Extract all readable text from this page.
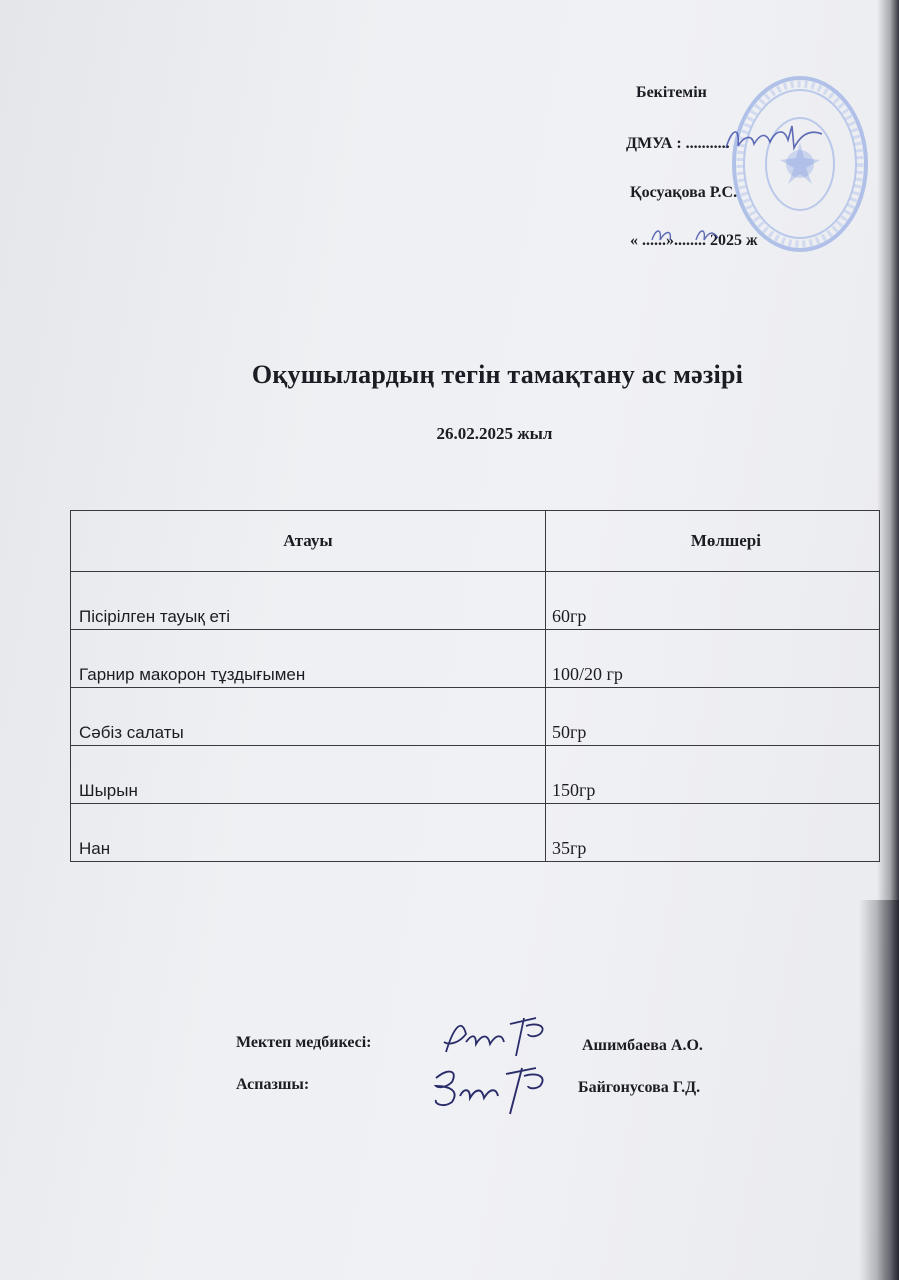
Бекітемін
ДМУА : ...........
Қосуақова Р.С.
« ......»........ 2025 ж
Оқушылардың тегін тамақтану ас мәзірі
26.02.2025 жыл
Атауы	Мөлшері
Пісірілген тауық еті	60гр
Гарнир макорон тұздығымен	100/20 гр
Сәбіз салаты	50гр
Шырын	150гр
Нан	35гр
Мектеп медбикесі:	Ашимбаева А.О.
Аспазшы:	Байгонусова Г.Д.
